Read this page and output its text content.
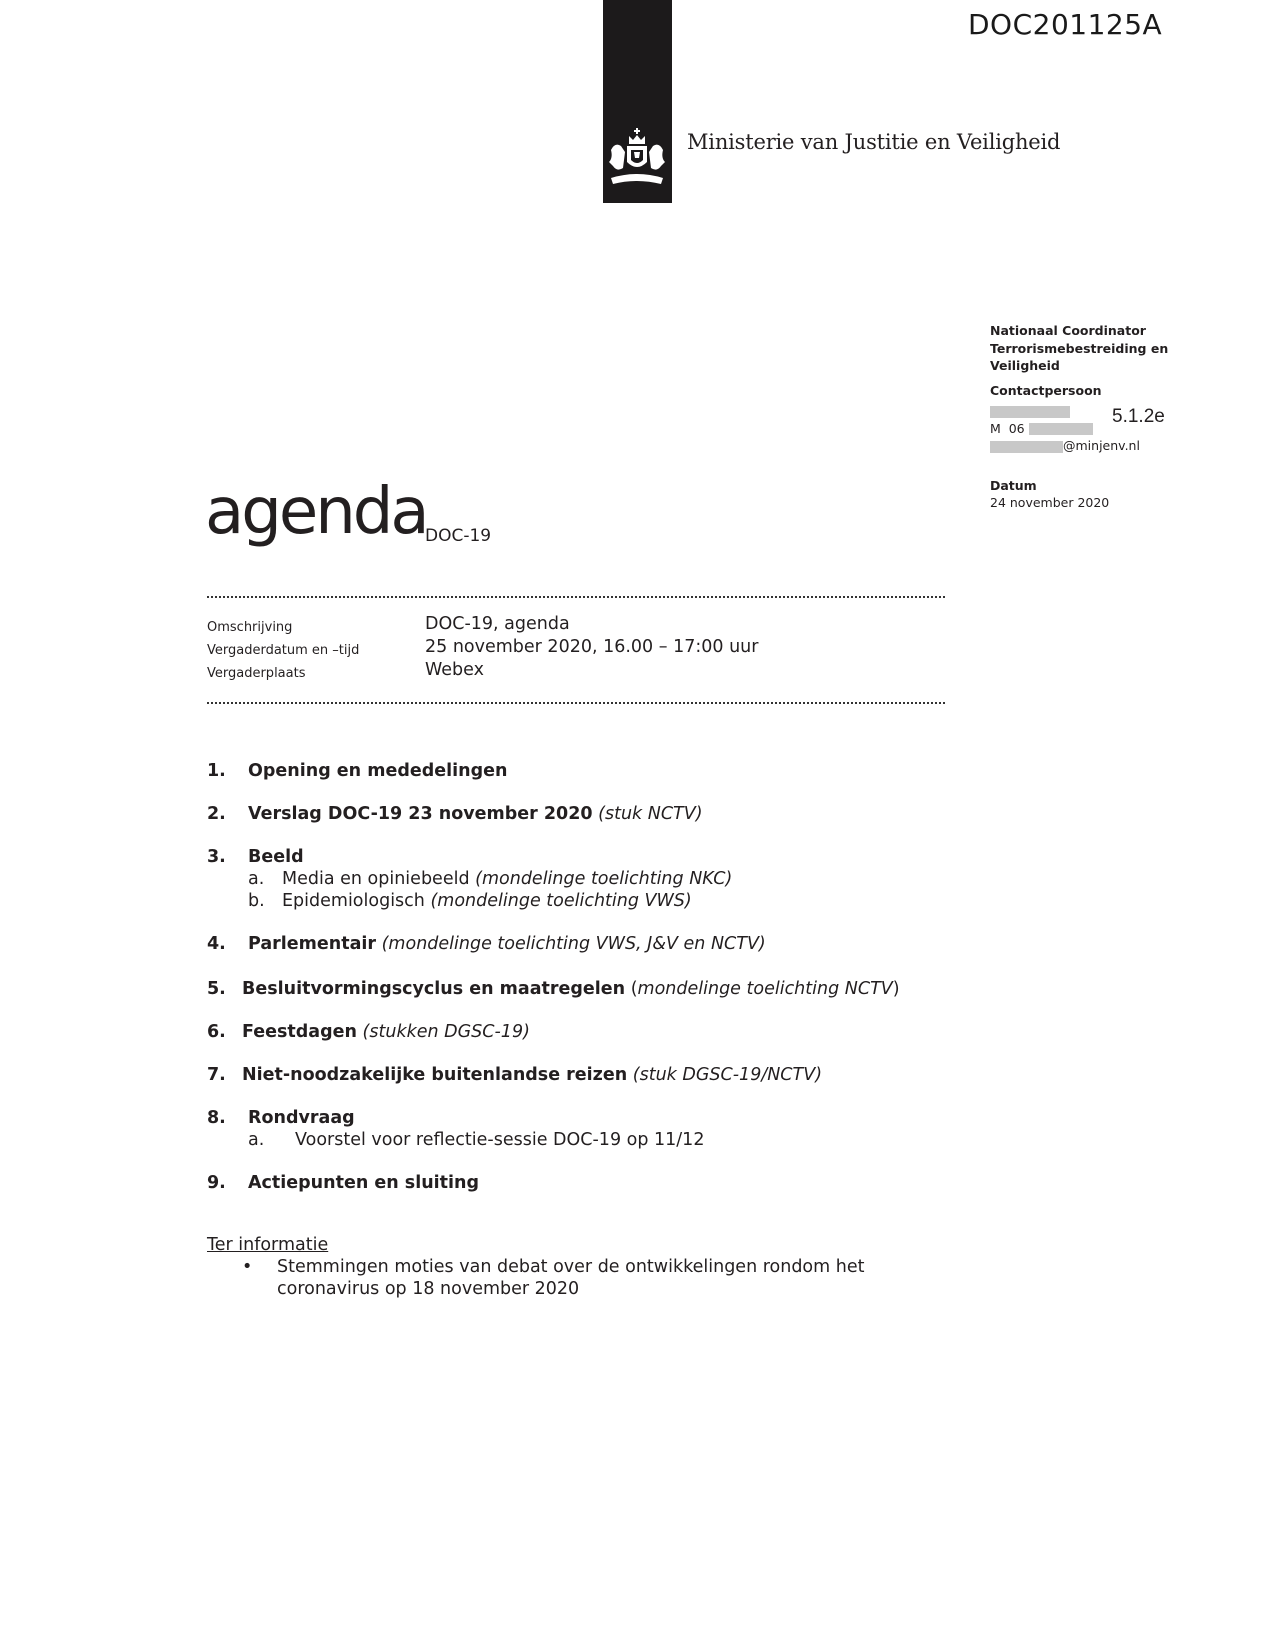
DOC201125A
Ministerie van Justitie en Veiligheid
Nationaal Coordinator
Terrorismebestreiding en
Veiligheid
Contactpersoon
M  06
@minjenv.nl
Datum
24 november 2020
5.1.2e
agenda
DOC-19
Omschrijving	DOC-19, agenda
Vergaderdatum en –tijd	25 november 2020, 16.00 – 17:00 uur
Vergaderplaats	Webex
1. Opening en mededelingen
2. Verslag DOC-19 23 november 2020 (stuk NCTV)
3. Beeld
a. Media en opiniebeeld (mondelinge toelichting NKC)
b. Epidemiologisch (mondelinge toelichting VWS)
4. Parlementair (mondelinge toelichting VWS, J&V en NCTV)
5. Besluitvormingscyclus en maatregelen (mondelinge toelichting NCTV)
6. Feestdagen (stukken DGSC-19)
7. Niet-noodzakelijke buitenlandse reizen (stuk DGSC-19/NCTV)
8. Rondvraag
a. Voorstel voor reflectie-sessie DOC-19 op 11/12
9. Actiepunten en sluiting
Ter informatie
•	Stemmingen moties van debat over de ontwikkelingen rondom het coronavirus op 18 november 2020
